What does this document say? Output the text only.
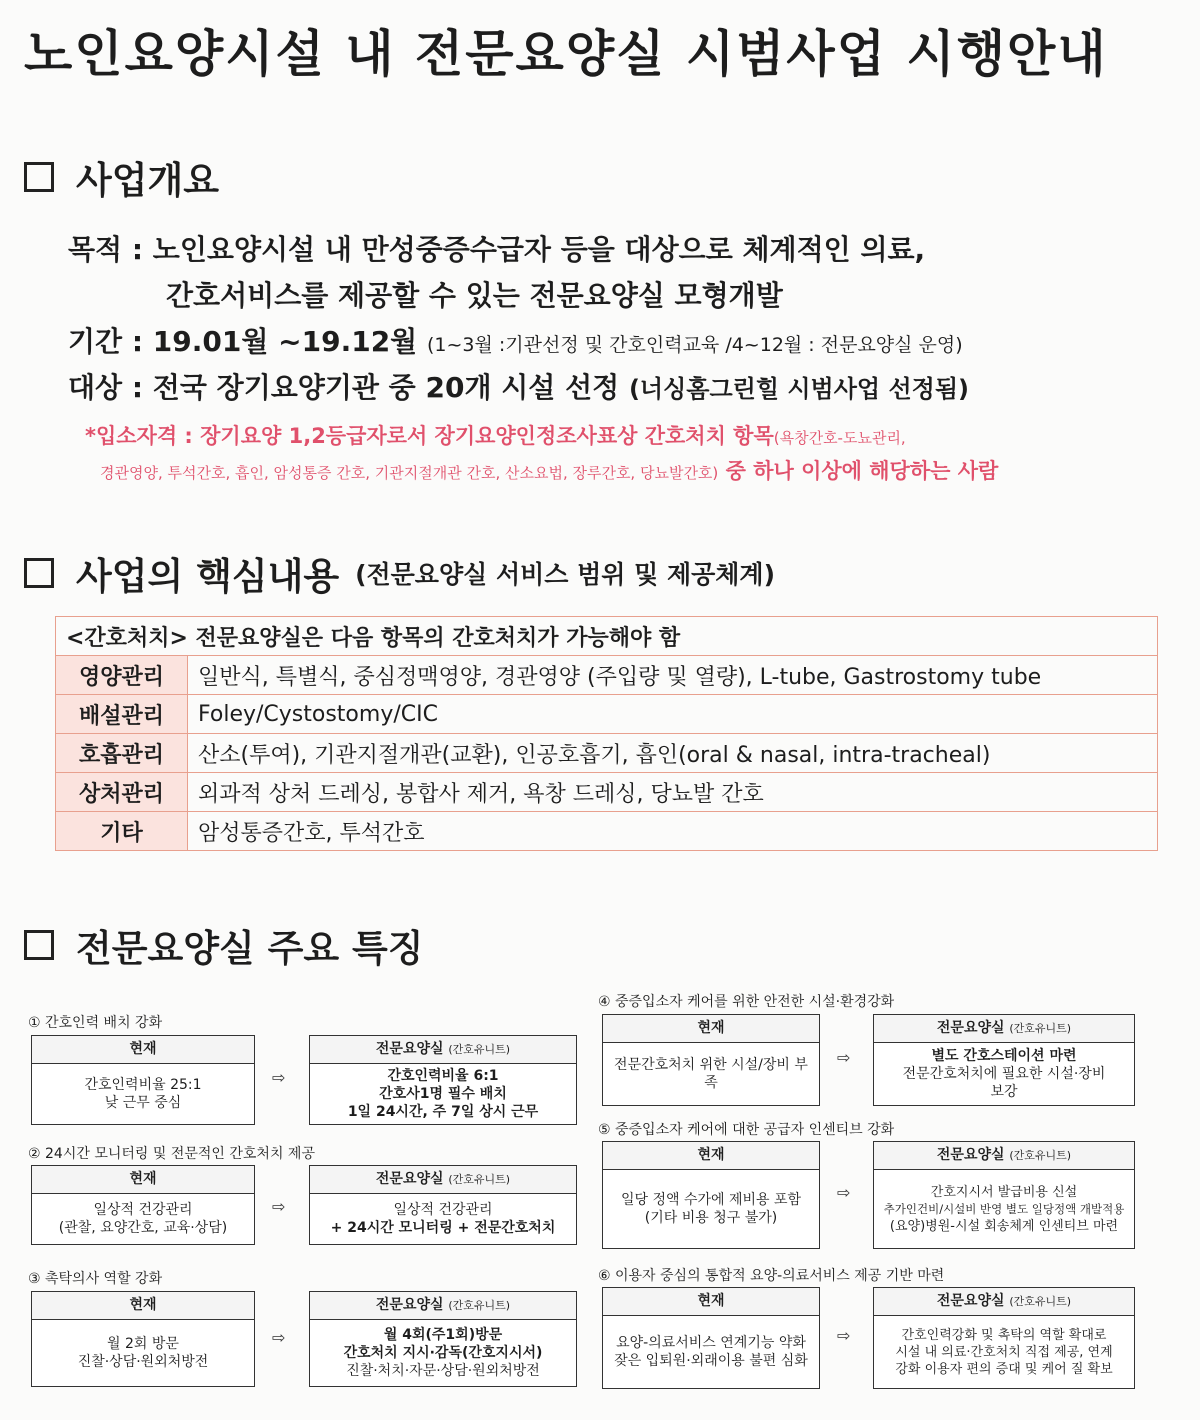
노인요양시설 내 전문요양실 시범사업 시행안내
사업개요
목적 : 노인요양시설 내 만성중증수급자 등을 대상으로 체계적인 의료,
간호서비스를 제공할 수 있는 전문요양실 모형개발
기간 : 19.01월 ~19.12월 (1~3월 :기관선정 및 간호인력교육 /4~12월 : 전문요양실 운영)
대상 : 전국 장기요양기관 중 20개 시설 선정 (너싱홈그린힐 시범사업 선정됨)
*입소자격 : 장기요양 1,2등급자로서 장기요양인정조사표상 간호처치 항목(욕창간호-도뇨관리,
경관영양, 투석간호, 흡인, 암성통증 간호, 기관지절개관 간호, 산소요법, 장루간호, 당뇨발간호) 중 하나 이상에 해당하는 사람
사업의 핵심내용 (전문요양실 서비스 범위 및 제공체계)
<간호처치> 전문요양실은 다음 항목의 간호처치가 가능해야 함	
영양관리	일반식, 특별식, 중심정맥영양, 경관영양 (주입량 및 열량), L-tube, Gastrostomy tube
배설관리	Foley/Cystostomy/CIC
호흡관리	산소(투여), 기관지절개관(교환), 인공호흡기, 흡인(oral & nasal, intra-tracheal)
상처관리	외과적 상처 드레싱, 봉합사 제거, 욕창 드레싱, 당뇨발 간호
기타	암성통증간호, 투석간호
전문요양실 주요 특징
① 간호인력 배치 강화
현재
간호인력비율 25:1
낮 근무 중심
⇨
전문요양실 (간호유니트)
간호인력비율 6:1
간호사1명 필수 배치
1일 24시간, 주 7일 상시 근무
② 24시간 모니터링 및 전문적인 간호처치 제공
현재
일상적 건강관리
(관찰, 요양간호, 교육·상담)
⇨
전문요양실 (간호유니트)
일상적 건강관리
+ 24시간 모니터링 + 전문간호처치
③ 촉탁의사 역할 강화
현재
월 2회 방문
진찰·상담·원외처방전
⇨
전문요양실 (간호유니트)
월 4회(주1회)방문
간호처치 지시·감독(간호지시서)
진찰·처치·자문·상담·원외처방전
④ 중증입소자 케어를 위한 안전한 시설·환경강화
현재
전문간호처치 위한 시설/장비 부족
⇨
전문요양실 (간호유니트)
별도 간호스테이션 마련
전문간호처치에 필요한 시설·장비
보강
⑤ 중증입소자 케어에 대한 공급자 인센티브 강화
현재
일당 정액 수가에 제비용 포함
(기타 비용 청구 불가)
⇨
전문요양실 (간호유니트)
간호지시서 발급비용 신설
추가인건비/시설비 반영 별도 일당정액 개발적용
(요양)병원-시설 회송체계 인센티브 마련
⑥ 이용자 중심의 통합적 요양-의료서비스 제공 기반 마련
현재
요양-의료서비스 연계기능 약화
잦은 입퇴원·외래이용 불편 심화
⇨
전문요양실 (간호유니트)
간호인력강화 및 촉탁의 역할 확대로
시설 내 의료·간호처치 직접 제공, 연계
강화 이용자 편의 증대 및 케어 질 확보
